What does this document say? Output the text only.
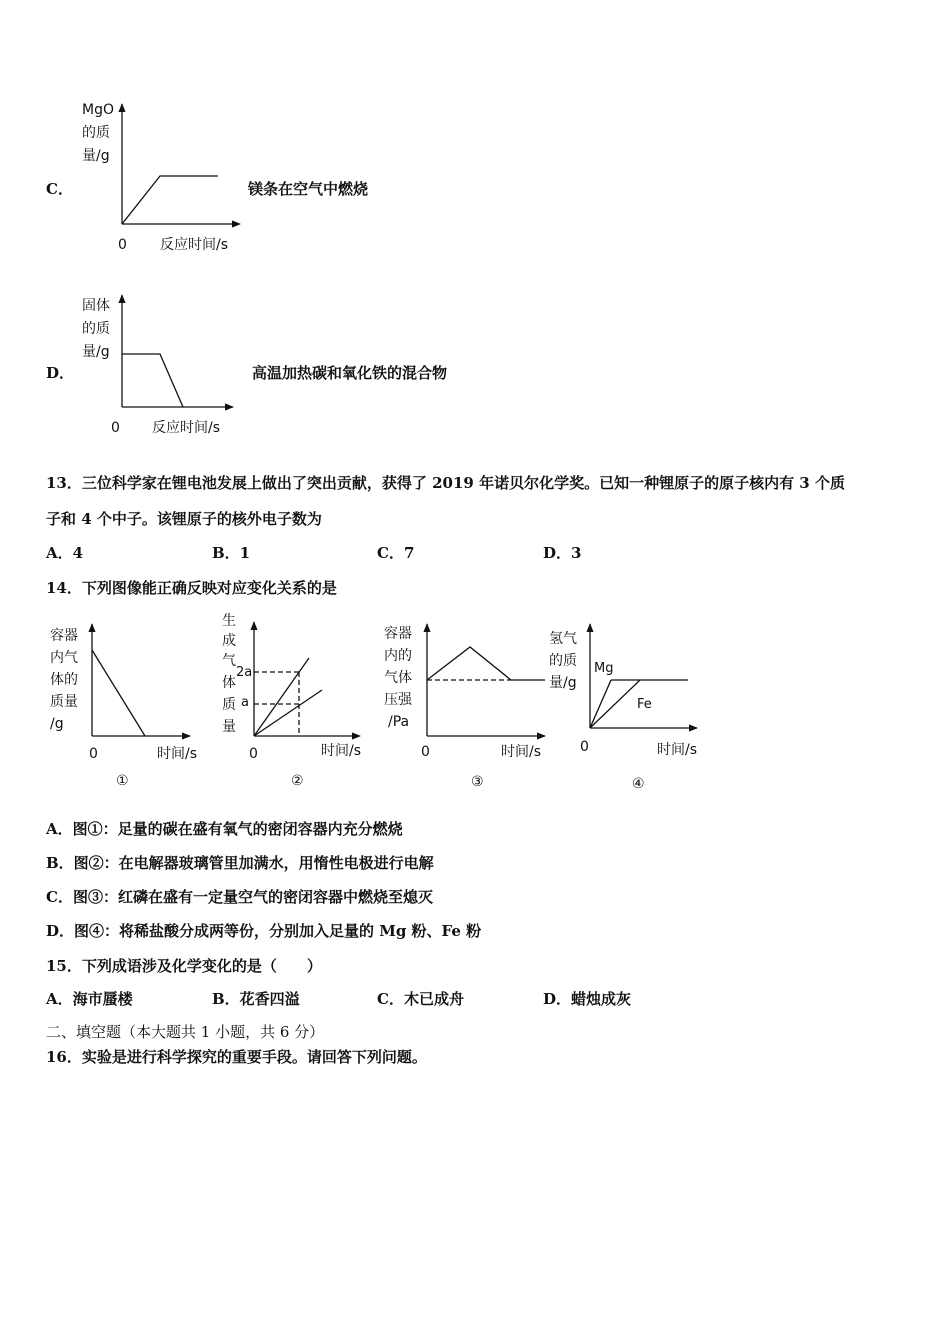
C．
MgO
的质
量/g
0 反应时间/s
镁条在空气中燃烧
D．
固体
的质
量/g
0 反应时间/s
高温加热碳和氧化铁的混合物
13．三位科学家在锂电池发展上做出了突出贡献，获得了 2019 年诺贝尔化学奖。已知一种锂原子的原子核内有 3 个质
子和 4 个中子。该锂原子的核外电子数为
A．4	B．1	C．7	D．3
14．下列图像能正确反映对应变化关系的是
容器
内气
体的
质量
/g
0	时间/s
①
生
成
气
体
质
量
2a
a
0	时间/s
②
容器
内的
气体
压强
/Pa
0	时间/s
③
氢气
的质
量/g
Mg
Fe
0	时间/s
④
A．图①：足量的碳在盛有氧气的密闭容器内充分燃烧
B．图②：在电解器玻璃管里加满水，用惰性电极进行电解
C．图③：红磷在盛有一定量空气的密闭容器中燃烧至熄灭
D．图④：将稀盐酸分成两等份，分别加入足量的 Mg 粉、Fe 粉
15．下列成语涉及化学变化的是（　　）
A．海市蜃楼	B．花香四溢	C．木已成舟	D．蜡烛成灰
二、填空题（本大题共 1 小题，共 6 分）
16．实验是进行科学探究的重要手段。请回答下列问题。
